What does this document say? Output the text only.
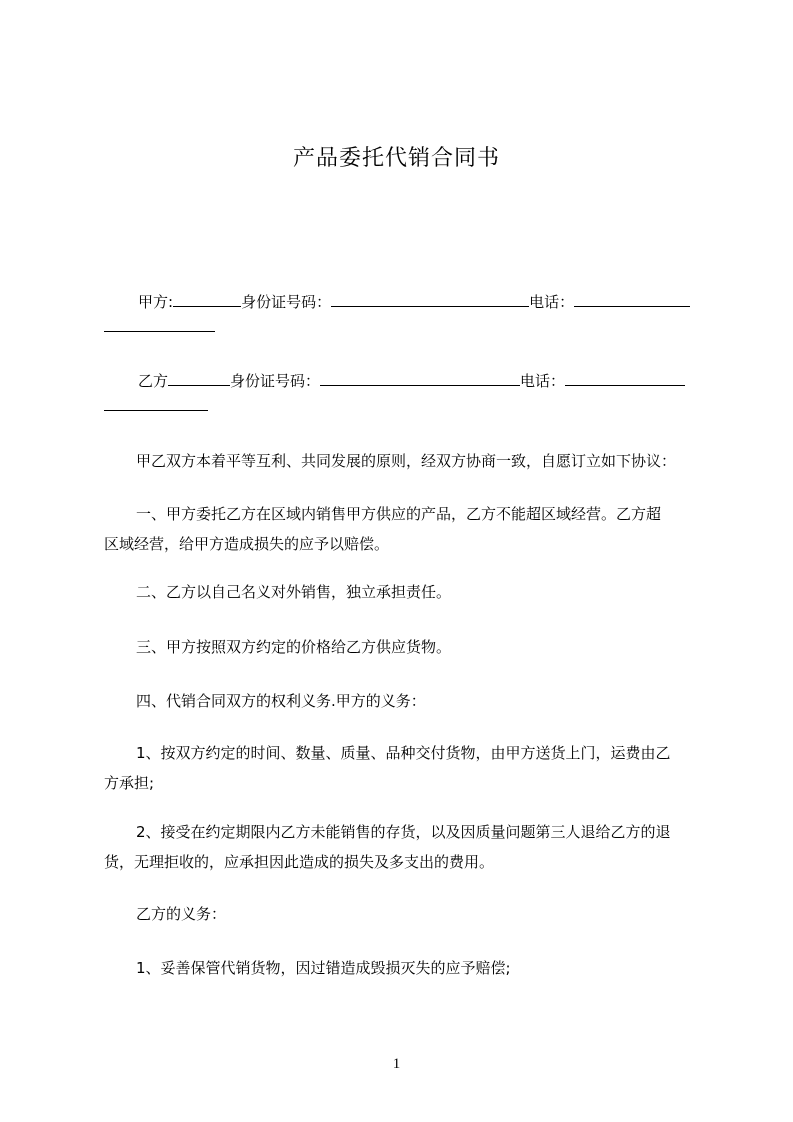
产品委托代销合同书
甲方:	身份证号码：	电话：
乙方	身份证号码：	电话：
甲乙双方本着平等互利、共同发展的原则，经双方协商一致，自愿订立如下协议：
一、甲方委托乙方在区域内销售甲方供应的产品，乙方不能超区域经营。乙方超
区域经营，给甲方造成损失的应予以赔偿。
二、乙方以自己名义对外销售，独立承担责任。
三、甲方按照双方约定的价格给乙方供应货物。
四、代销合同双方的权利义务.甲方的义务：
1、按双方约定的时间、数量、质量、品种交付货物，由甲方送货上门，运费由乙
方承担;
2、接受在约定期限内乙方未能销售的存货，以及因质量问题第三人退给乙方的退
货，无理拒收的，应承担因此造成的损失及多支出的费用。
乙方的义务：
1、妥善保管代销货物，因过错造成毁损灭失的应予赔偿;
1
